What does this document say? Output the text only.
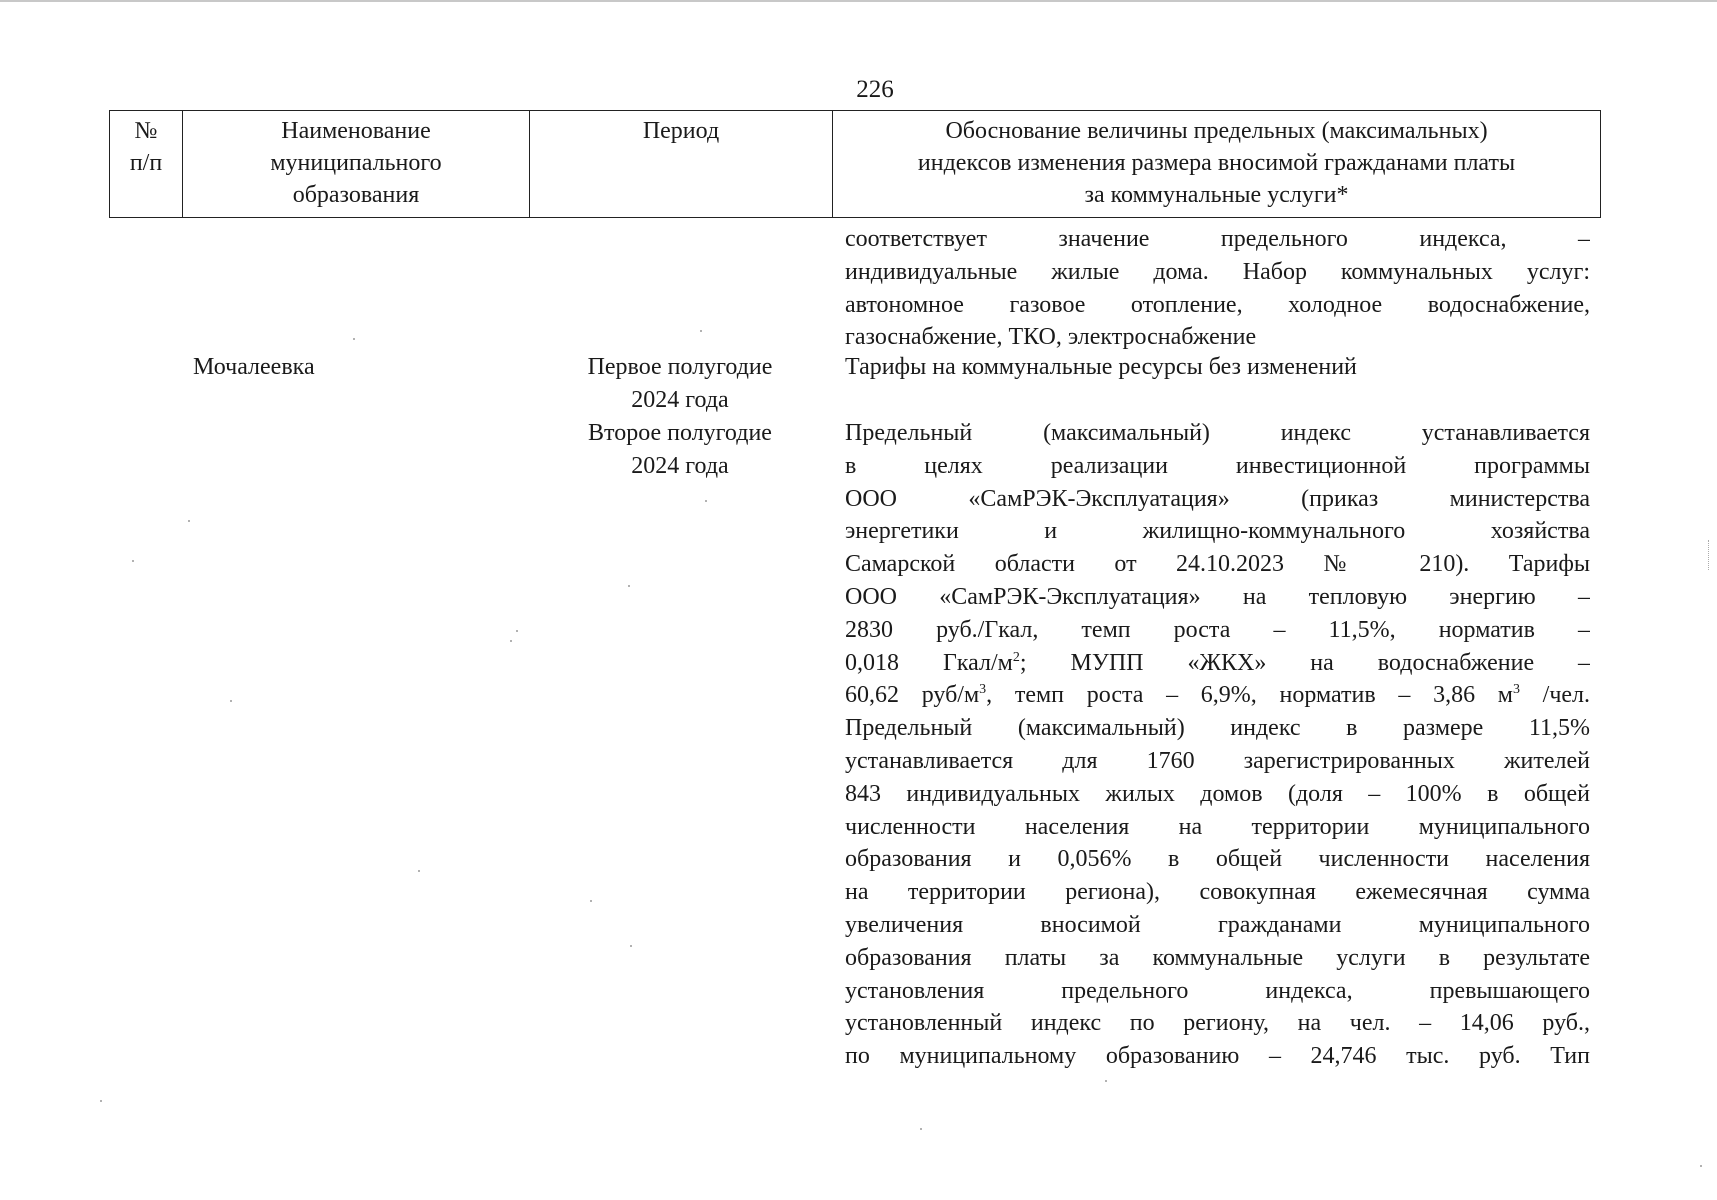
226
№
п/п
Наименование
муниципального
образования
Период	Обоснование величины предельных (максимальных)
индексов изменения размера вносимой гражданами платы
за коммунальные услуги*
соответствует значение предельного индекса, –
индивидуальные жилые дома. Набор коммунальных услуг:
автономное газовое отопление, холодное водоснабжение,
газоснабжение, ТКО, электроснабжение
Мочалеевка	Первое полугодие
2024 года
Тарифы на коммунальные ресурсы без изменений
Второе полугодие
2024 года
Предельный (максимальный) индекс устанавливается
в целях реализации инвестиционной программы
ООО «СамРЭК-Эксплуатация» (приказ министерства
энергетики и жилищно-коммунального хозяйства
Самарской области от 24.10.2023 № 210). Тарифы
ООО «СамРЭК-Эксплуатация» на тепловую энергию –
2830 руб./Гкал, темп роста – 11,5%, норматив –
0,018 Гкал/$м^2$; МУПП «ЖКХ» на водоснабжение –
60,62 руб/$м^3$, темп роста – 6,9%, норматив – 3,86 $м^3$ /чел.
Предельный (максимальный) индекс в размере 11,5%
устанавливается для 1760 зарегистрированных жителей
843 индивидуальных жилых домов (доля – 100% в общей
численности населения на территории муниципального
образования и 0,056% в общей численности населения
на территории региона), совокупная ежемесячная сумма
увеличения вносимой гражданами муниципального
образования платы за коммунальные услуги в результате
установления предельного индекса, превышающего
установленный индекс по региону, на чел. – 14,06 руб.,
по муниципальному образованию – 24,746 тыс. руб. Тип
